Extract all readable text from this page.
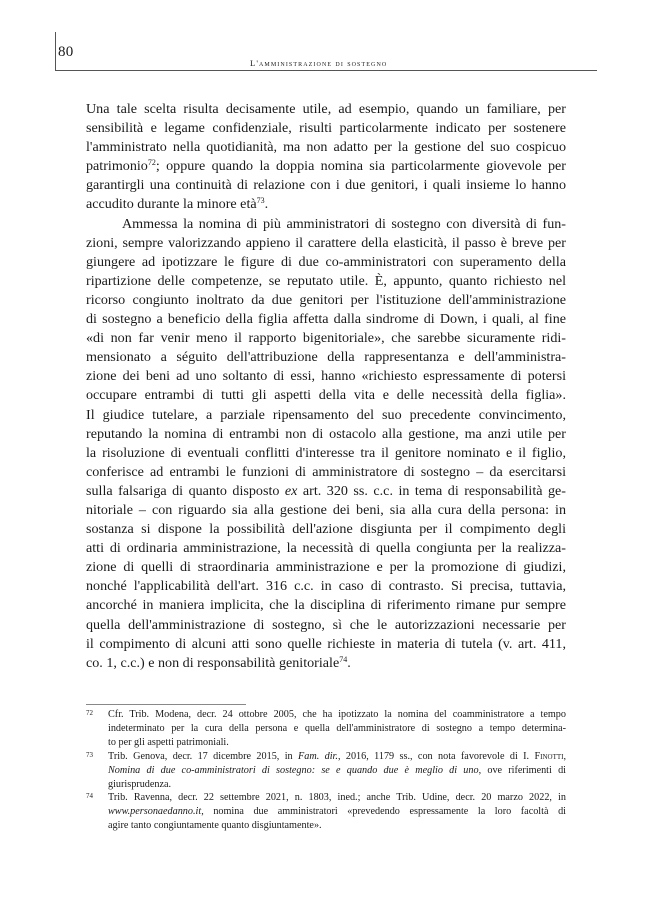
80
L'amministrazione di sostegno

Una tale scelta risulta decisamente utile, ad esempio, quando un familiare, per
sensibilità e legame confidenziale, risulti particolarmente indicato per sostenere
l'amministrato nella quotidianità, ma non adatto per la gestione del suo cospicuo
patrimonio$^{72}$; oppure quando la doppia nomina sia particolarmente giovevole per
garantirgli una continuità di relazione con i due genitori, i quali insieme lo hanno
accudito durante la minore età$^{73}$.

Ammessa la nomina di più amministratori di sostegno con diversità di fun-
zioni, sempre valorizzando appieno il carattere della elasticità, il passo è breve per
giungere ad ipotizzare le figure di due co-amministratori con superamento della
ripartizione delle competenze, se reputato utile. È, appunto, quanto richiesto nel
ricorso congiunto inoltrato da due genitori per l'istituzione dell'amministrazione
di sostegno a beneficio della figlia affetta dalla sindrome di Down, i quali, al fine
«di non far venir meno il rapporto bigenitoriale», che sarebbe sicuramente ridi-
mensionato a séguito dell'attribuzione della rappresentanza e dell'amministra-
zione dei beni ad uno soltanto di essi, hanno «richiesto espressamente di potersi
occupare entrambi di tutti gli aspetti della vita e delle necessità della figlia».
Il giudice tutelare, a parziale ripensamento del suo precedente convincimento,
reputando la nomina di entrambi non di ostacolo alla gestione, ma anzi utile per
la risoluzione di eventuali conflitti d'interesse tra il genitore nominato e il figlio,
conferisce ad entrambi le funzioni di amministratore di sostegno – da esercitarsi
sulla falsariga di quanto disposto ex art. 320 ss. c.c. in tema di responsabilità ge-
nitoriale – con riguardo sia alla gestione dei beni, sia alla cura della persona: in
sostanza si dispone la possibilità dell'azione disgiunta per il compimento degli
atti di ordinaria amministrazione, la necessità di quella congiunta per la realizza-
zione di quelli di straordinaria amministrazione e per la promozione di giudizi,
nonché l'applicabilità dell'art. 316 c.c. in caso di contrasto. Si precisa, tuttavia,
ancorché in maniera implicita, che la disciplina di riferimento rimane pur sempre
quella dell'amministrazione di sostegno, sì che le autorizzazioni necessarie per
il compimento di alcuni atti sono quelle richieste in materia di tutela (v. art. 411,
co. 1, c.c.) e non di responsabilità genitoriale$^{74}$.

72 Cfr. Trib. Modena, decr. 24 ottobre 2005, che ha ipotizzato la nomina del coamministratore a tempo
indeterminato per la cura della persona e quella dell'amministratore di sostegno a tempo determina-
to per gli aspetti patrimoniali.
73 Trib. Genova, decr. 17 dicembre 2015, in Fam. dir., 2016, 1179 ss., con nota favorevole di I. Finotti,
Nomina di due co-amministratori di sostegno: se e quando due è meglio di uno, ove riferimenti di
giurisprudenza.
74 Trib. Ravenna, decr. 22 settembre 2021, n. 1803, ined.; anche Trib. Udine, decr. 20 marzo 2022, in
www.personaedanno.it, nomina due amministratori «prevedendo espressamente la loro facoltà di
agire tanto congiuntamente quanto disgiuntamente».
